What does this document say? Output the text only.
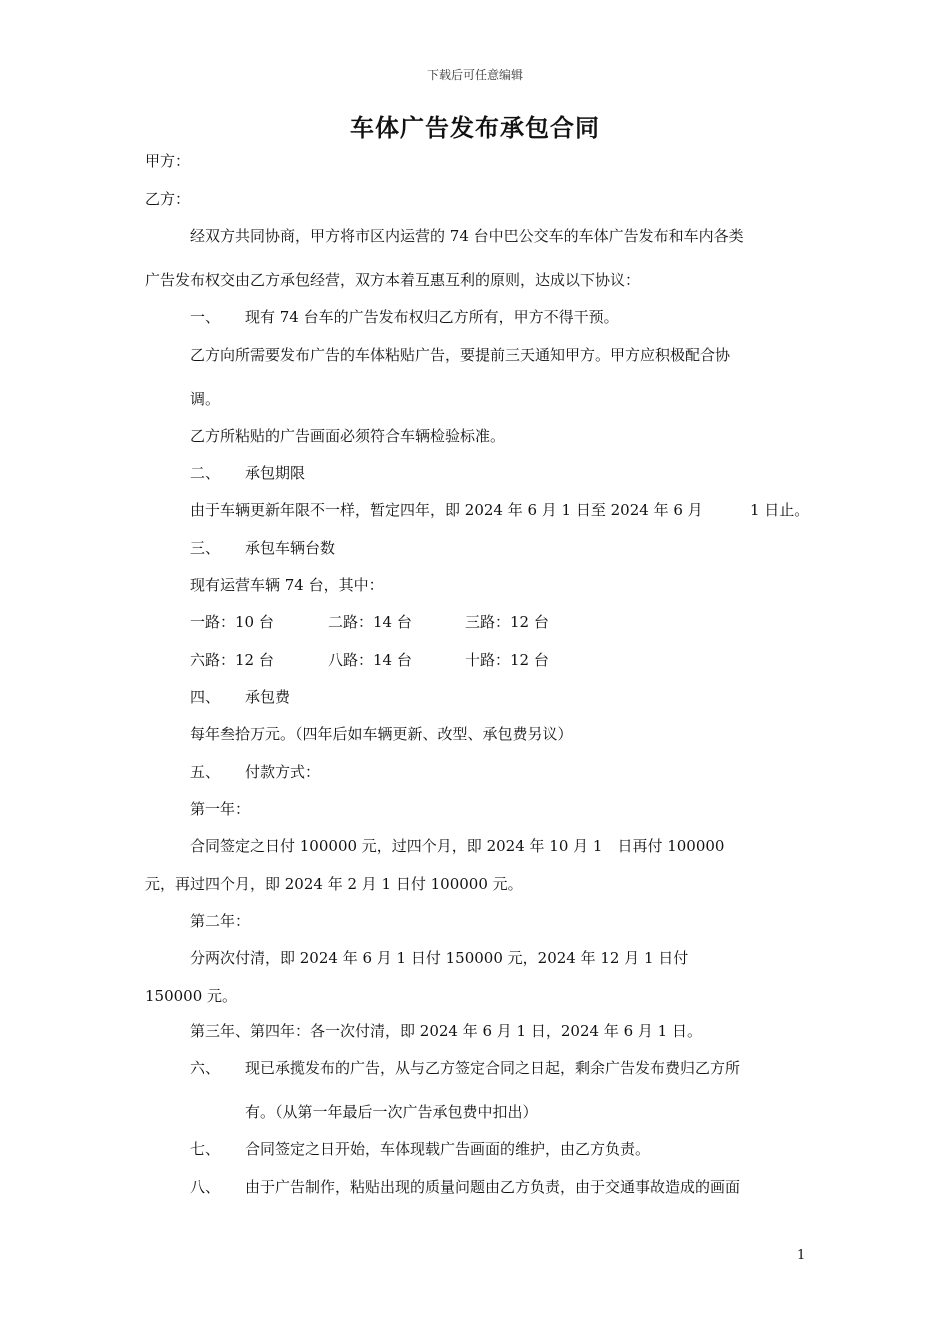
下载后可任意编辑
车体广告发布承包合同
甲方：
乙方：
经双方共同协商，甲方将市区内运营的 74 台中巴公交车的车体广告发布和车内各类
广告发布权交由乙方承包经营，双方本着互惠互利的原则，达成以下协议：
一、 现有 74 台车的广告发布权归乙方所有，甲方不得干预。
乙方向所需要发布广告的车体粘贴广告，要提前三天通知甲方。甲方应积极配合协
调。
乙方所粘贴的广告画面必须符合车辆检验标准。
二、 承包期限
由于车辆更新年限不一样，暂定四年，即 2024 年 6 月 1 日至 2024 年 6 月	1 日止。
三、 承包车辆台数
现有运营车辆 74 台，其中：
一路：10 台	二路：14 台	三路：12 台
六路：12 台	八路：14 台	十路：12 台
四、 承包费
每年叁拾万元。（四年后如车辆更新、改型、承包费另议）
五、 付款方式：
第一年：
合同签定之日付 100000 元，过四个月，即 2024 年 10 月 1　日再付 100000
元，再过四个月，即 2024 年 2 月 1 日付 100000 元。
第二年：
分两次付清，即 2024 年 6 月 1 日付 150000 元，2024 年 12 月 1 日付
150000 元。
第三年、第四年：各一次付清，即 2024 年 6 月 1 日，2024 年 6 月 1 日。
六、 现已承揽发布的广告，从与乙方签定合同之日起，剩余广告发布费归乙方所
有。（从第一年最后一次广告承包费中扣出）
七、 合同签定之日开始，车体现载广告画面的维护，由乙方负责。
八、 由于广告制作，粘贴出现的质量问题由乙方负责，由于交通事故造成的画面
1
